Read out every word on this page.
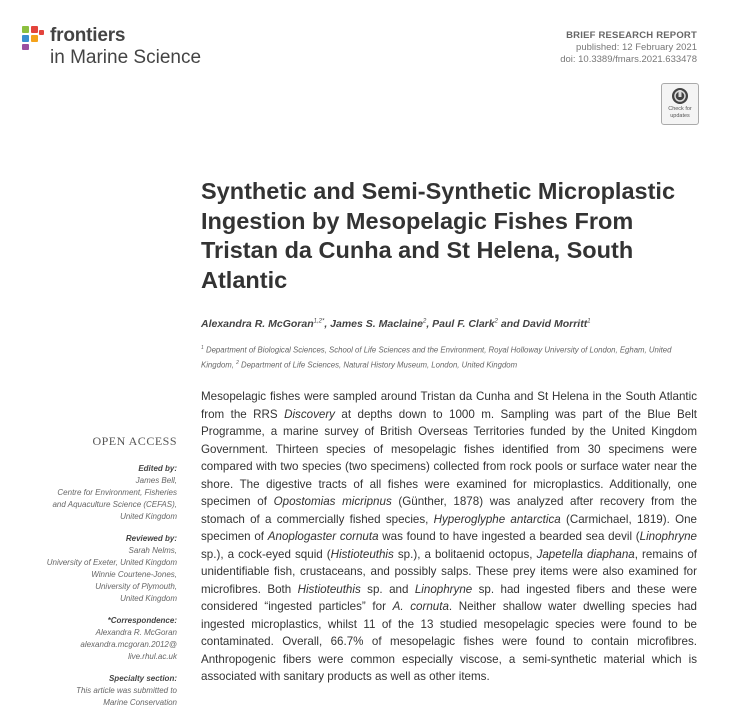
frontiers
in Marine Science
BRIEF RESEARCH REPORT
published: 12 February 2021
doi: 10.3389/fmars.2021.633478
Check for
updates
Synthetic and Semi-Synthetic Microplastic Ingestion by Mesopelagic Fishes From Tristan da Cunha and St Helena, South Atlantic
Alexandra R. McGoran$^{1,2*}$, James S. Maclaine$^2$, Paul F. Clark$^2$ and David Morritt$^1$
$^1$ Department of Biological Sciences, School of Life Sciences and the Environment, Royal Holloway University of London, Egham, United Kingdom, $^2$ Department of Life Sciences, Natural History Museum, London, United Kingdom
Mesopelagic fishes were sampled around Tristan da Cunha and St Helena in the South Atlantic from the RRS Discovery at depths down to 1000 m. Sampling was part of the Blue Belt Programme, a marine survey of British Overseas Territories funded by the United Kingdom Government. Thirteen species of mesopelagic fishes identified from 30 specimens were compared with two species (two specimens) collected from rock pools or surface water near the shore. The digestive tracts of all fishes were examined for microplastics. Additionally, one specimen of Opostomias micripnus (Günther, 1878) was analyzed after recovery from the stomach of a commercially fished species, Hyperoglyphe antarctica (Carmichael, 1819). One specimen of Anoplogaster cornuta was found to have ingested a bearded sea devil (Linophryne sp.), a cock-eyed squid (Histioteuthis sp.), a bolitaenid octopus, Japetella diaphana, remains of unidentifiable fish, crustaceans, and possibly salps. These prey items were also examined for microfibres. Both Histioteuthis sp. and Linophryne sp. had ingested fibers and these were considered “ingested particles” for A. cornuta. Neither shallow water dwelling species had ingested microplastics, whilst 11 of the 13 studied mesopelagic species were found to be contaminated. Overall, 66.7% of mesopelagic fishes were found to contain microfibres. Anthropogenic fibers were common especially viscose, a semi-synthetic material which is associated with sanitary products as well as other items.
OPEN ACCESS
Edited by:
James Bell,
Centre for Environment, Fisheries
and Aquaculture Science (CEFAS),
United Kingdom
Reviewed by:
Sarah Nelms,
University of Exeter, United Kingdom
Winnie Courtene-Jones,
University of Plymouth,
United Kingdom
*Correspondence:
Alexandra R. McGoran
alexandra.mcgoran.2012@
live.rhul.ac.uk
Specialty section:
This article was submitted to
Marine Conservation
